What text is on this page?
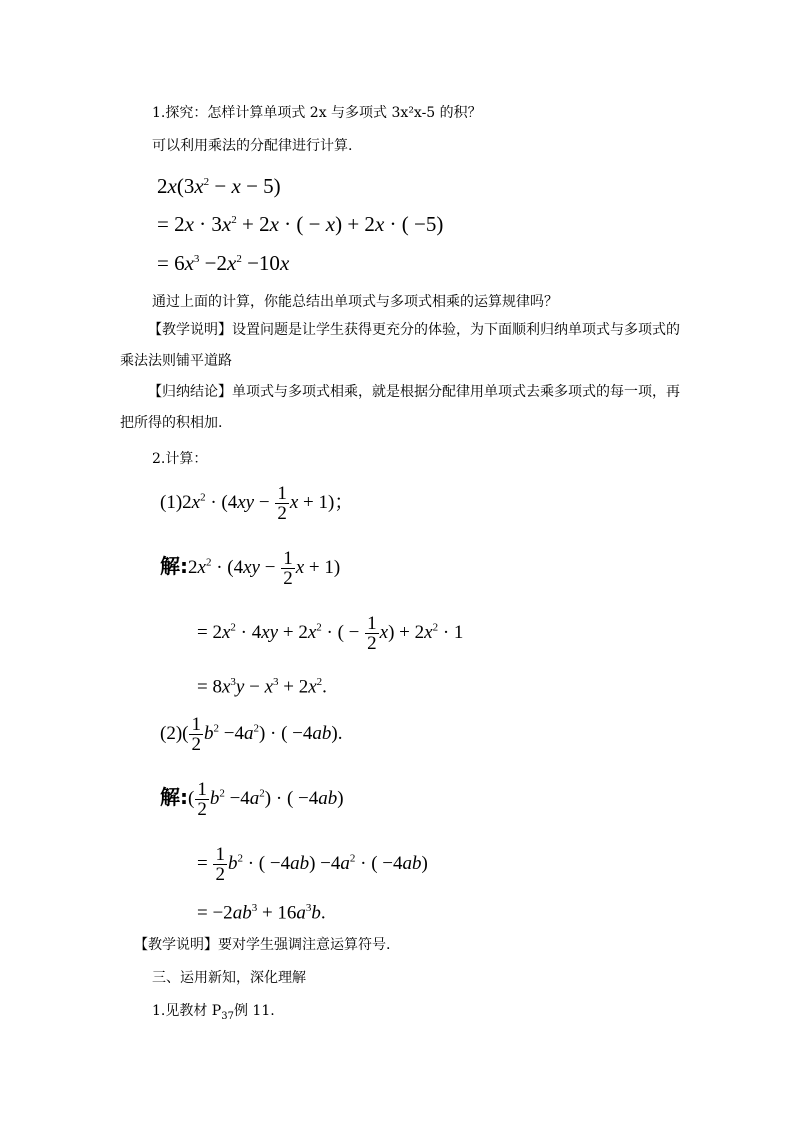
1.探究：怎样计算单项式 2x 与多项式 3x²x-5 的积？
可以利用乘法的分配律进行计算.
$2x(3x^2 - x - 5)$
= $2x \cdot 3x^2 + 2x$ · ( − x) + 2x · ( −5)
= $6x^3 -2x^2 -10x$
通过上面的计算，你能总结出单项式与多项式相乘的运算规律吗？
【教学说明】设置问题是让学生获得更充分的体验，为下面顺利归纳单项式与多项式的乘法法则铺平道路
【归纳结论】单项式与多项式相乘，就是根据分配律用单项式去乘多项式的每一项，再把所得的积相加.
2.计算：
$(1)2x^2 \cdot (4xy - \frac{1}{2}$ x + 1)；
解$:2x^2 \cdot (4xy - \frac{1}{2}$ x + 1)
= $2x^2 \cdot 4xy + 2x^2$ · ( − $\frac{1}{2} x) + 2x^2 \cdot 1$
= $8x^3y - x^3 + 2x^2$.
$(2)( \frac{1}{2} b^2 -4a^2)$ · ( −4ab).
解:( $\frac{1}{2} b^2 -4a^2$) · ( −4ab)
= $\frac{1}{2} b^2$ · ( $-4ab) -4a^2$ · ( −4ab)
= $-2ab^3 + 16a^3b$.
【教学说明】要对学生强调注意运算符号.
三、运用新知，深化理解
1.见教材 $P_{37}$例 11.
